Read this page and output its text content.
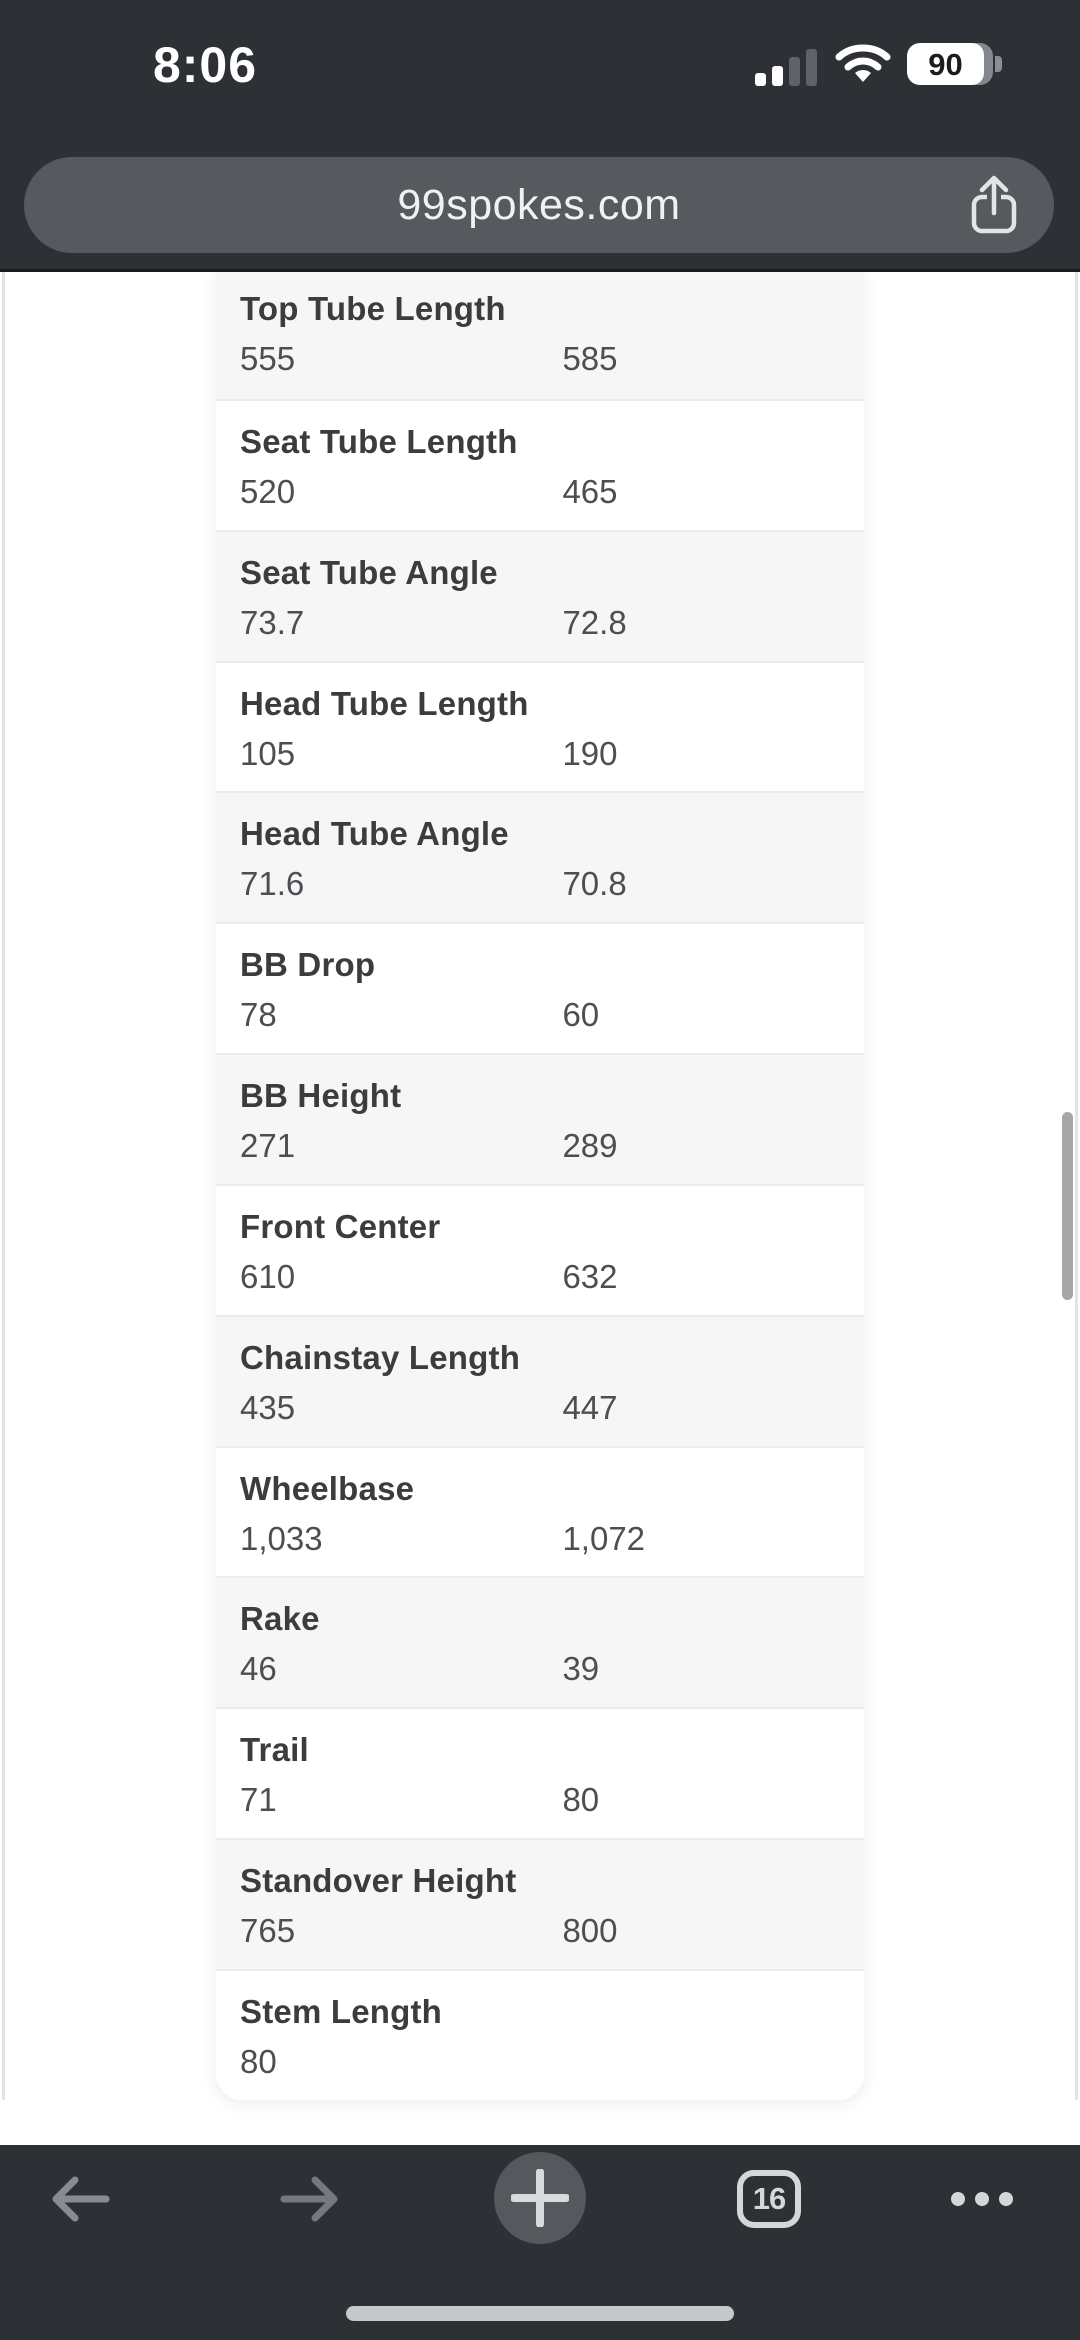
8:06	90
99spokes.com
Top Tube Length
555	585
Seat Tube Length
520	465
Seat Tube Angle
73.7	72.8
Head Tube Length
105	190
Head Tube Angle
71.6	70.8
BB Drop
78	60
BB Height
271	289
Front Center
610	632
Chainstay Length
435	447
Wheelbase
1,033	1,072
Rake
46	39
Trail
71	80
Standover Height
765	800
Stem Length
80
16
